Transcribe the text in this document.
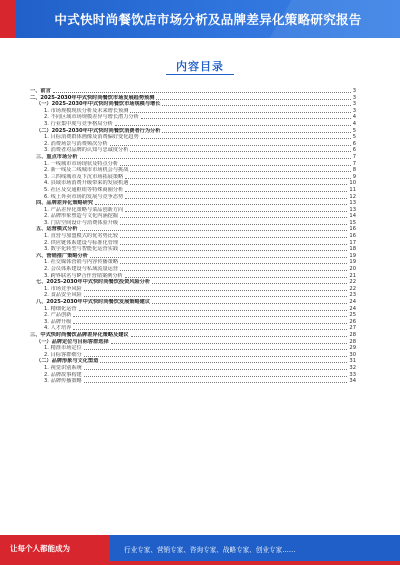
中式快时尚餐饮店市场分析及品牌差异化策略研究报告
内容目录
一、前言	3
二、2025-2030年中式快时尚餐饮市场发展趋势预测	3
（一）2025-2030年中式快时尚餐饮市场规模与增长	3
1. 市场规模现状分析及未来增长预测	3
2. 不同区域市场规模差异与增长潜力分析	4
3. 行业集中度与竞争格局分析	4
（二）2025-2030年中式快时尚餐饮消费者行为分析	5
1. 目标消费群体画像及消费偏好变化趋势	5
2. 消费场景与消费频次分析	6
3. 消费者对品牌的认知与忠诚度分析	6
三、重点市场分析	7
1. 一线城市市场现状及特点分析	7
2. 新一线及二线城市市场机会与挑战	8
3. 三四线城市及下沉市场拓展策略	9
4. 县域市场消费升级带来的发展机遇	10
5. 社区及交通枢纽等特殊商圈分析	11
6. 线上外卖市场的发展与竞争态势	12
四、品牌差异化策略研究	13
1. 产品差异化策略与菜品创新方向	13
2. 品牌形象塑造与文化内涵挖掘	14
3. 门店空间设计与消费体验升级	15
五、运营模式分析	16
1. 直营与加盟模式的优劣势比较	16
2. 供应链体系建设与标准化管理	17
3. 数字化转型与智能化运营实践	18
六、营销推广策略分析	19
1. 社交媒体营销与内容传播策略	19
2. 会员体系建设与私域流量运营	20
3. 跨界联名与IP合作营销案例分析	21
七、2025-2030年中式快时尚餐饮投资风险分析	22
1. 市场竞争风险	22
2. 食品安全风险	23
八、2025-2030年中式快时尚餐饮发展策略建议	24
1. 精细化运营	24
2. 产品创新	25
3. 品牌升级	26
4. 人才培养	27
三、中式快时尚餐饮品牌差异化策略及建议	28
（一）品牌定位与目标客群选择	28
1. 精准市场定位	29
2. 目标客群细分	30
（二）品牌形象与文化塑造	31
1. 视觉识别系统	32
2. 品牌故事构建	33
3. 品牌传播策略	34
让每个人都能成为	行业专家、营销专家、咨询专家、战略专家、创业专家……
